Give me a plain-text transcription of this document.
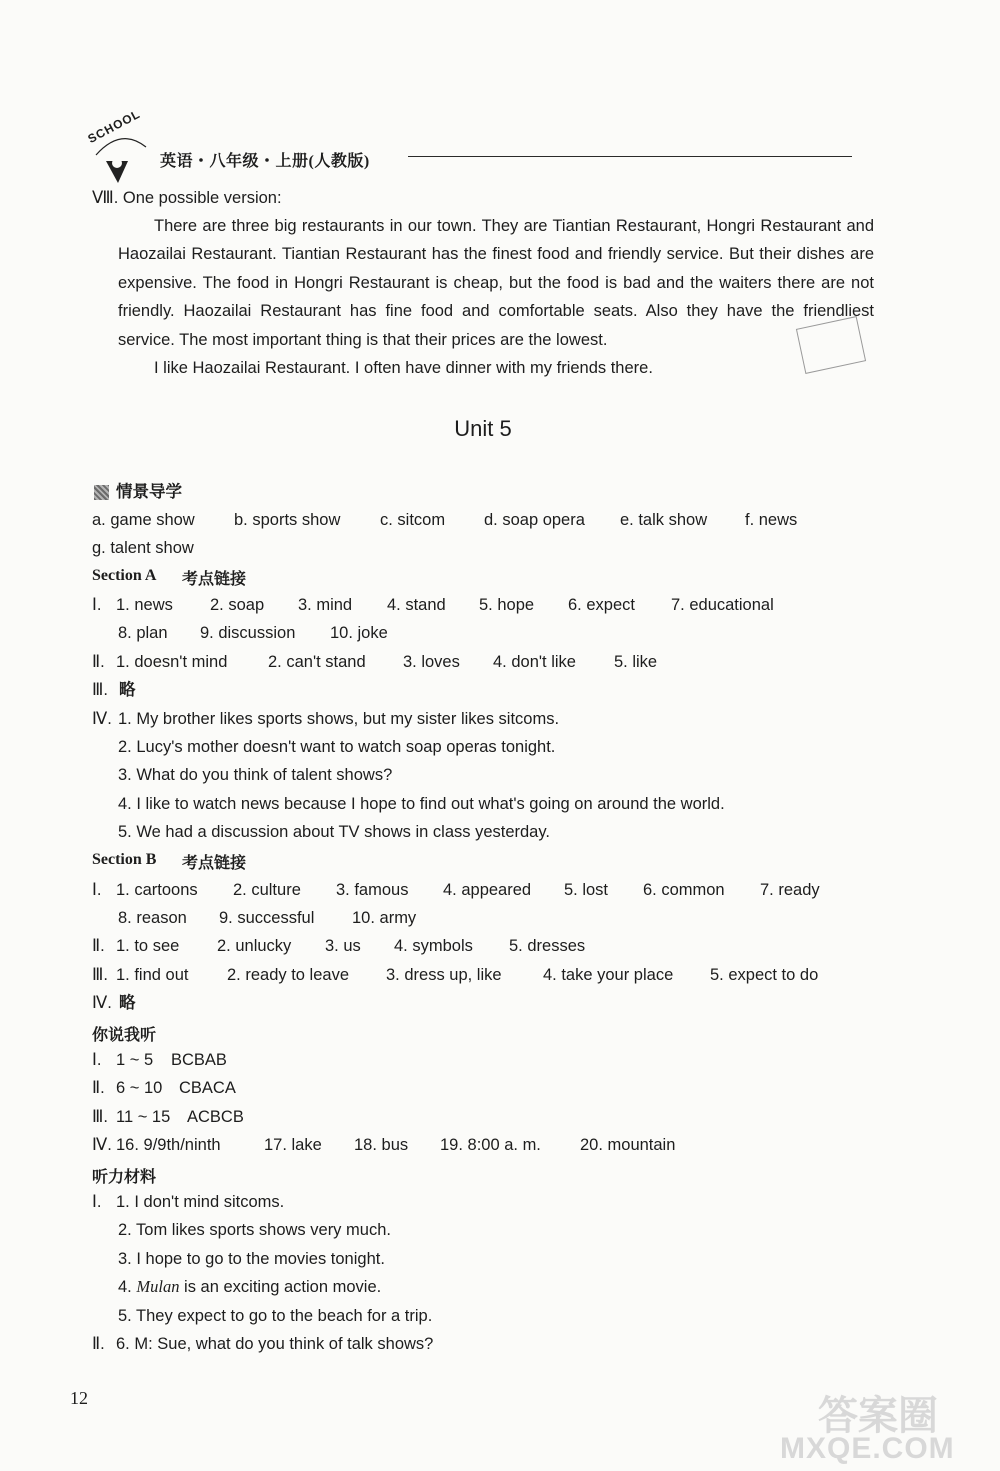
SCHOOL
英语・八年级・上册(人教版)
Ⅷ. One possible version:
There are three big restaurants in our town. They are Tiantian Restaurant, Hongri Restaurant and Haozailai Restaurant. Tiantian Restaurant has the finest food and friendly service. But their dishes are expensive. The food in Hongri Restaurant is cheap, but the food is bad and the waiters there are not friendly. Haozailai Restaurant has fine food and comfortable seats. Also they have the friendliest service. The most important thing is that their prices are the lowest.
I like Haozailai Restaurant. I often have dinner with my friends there.
Unit 5
情景导学
a. game show b. sports show c. sitcom d. soap opera e. talk show f. news
g. talent show
Section A 考点链接
Ⅰ. 1. news 2. soap 3. mind 4. stand 5. hope 6. expect 7. educational
8. plan 9. discussion 10. joke
Ⅱ. 1. doesn't mind 2. can't stand 3. loves 4. don't like 5. like
Ⅲ. 略
Ⅳ. 1. My brother likes sports shows, but my sister likes sitcoms.
2. Lucy's mother doesn't want to watch soap operas tonight.
3. What do you think of talent shows?
4. I like to watch news because I hope to find out what's going on around the world.
5. We had a discussion about TV shows in class yesterday.
Section B 考点链接
Ⅰ. 1. cartoons 2. culture 3. famous 4. appeared 5. lost 6. common 7. ready
8. reason 9. successful 10. army
Ⅱ. 1. to see 2. unlucky 3. us 4. symbols 5. dresses
Ⅲ. 1. find out 2. ready to leave 3. dress up, like	4. take your place 5. expect to do
Ⅳ. 略
你说我听
Ⅰ. 1 ~ 5 BCBAB
Ⅱ. 6 ~ 10 CBACA
Ⅲ. 11 ~ 15 ACBCB
Ⅳ. 16. 9/9th/ninth	17. lake 18. bus 19. 8:00 a. m. 20. mountain
听力材料
Ⅰ. 1. I don't mind sitcoms.
2. Tom likes sports shows very much.
3. I hope to go to the movies tonight.
4. Mulan is an exciting action movie.
5. They expect to go to the beach for a trip.
Ⅱ. 6. M: Sue, what do you think of talk shows?
12	答案圈
MXQE.COM
